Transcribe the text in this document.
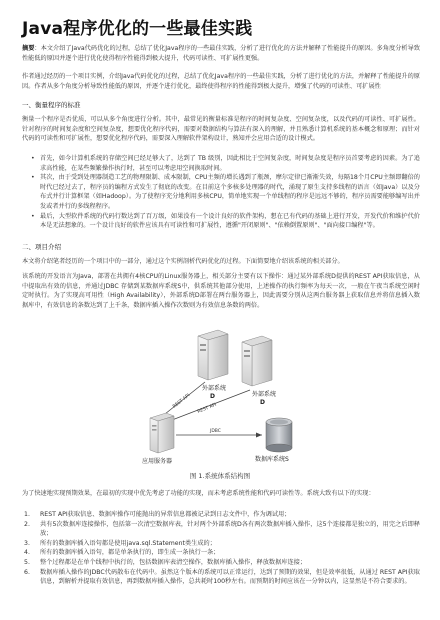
Java程序优化的一些最佳实践
摘要：本文介绍了Java代码优化的过程，总结了优化Java程序的一些最佳实践，分析了进行优化的方法并解释了性能提升的原因。多角度分析导致性能低的原因并逐个进行优化使得程序性能得到极大提升，代码可读性、可扩展性更强。
作者通过经历的一个项目实例，介绍Java代码优化的过程，总结了优化Java程序的一些最佳实践，分析了进行优化的方法，并解释了性能提升的原因。作者从多个角度分析导致性能低的原因，并逐个进行优化，最终使得程序的性能得到极大提升，增强了代码的可读性、可扩展性
一、衡量程序的标准
衡量一个程序是否优质，可以从多个角度进行分析。其中，最常见的衡量标准是程序的时间复杂度、空间复杂度，以及代码的可读性、可扩展性。针对程序的时间复杂度和空间复杂度，想要优化程序代码，需要对数据结构与算法有深入的理解，并且熟悉计算机系统的基本概念和原理；而针对代码的可读性和可扩展性，想要优化程序代码，需要深入理解软件架构设计，熟知并会应用合适的设计模式。
• 首先，如今计算机系统的存储空间已经足够大了，达到了 TB 级别，因此相比于空间复杂度，时间复杂度是程序员首要考虑的因素。为了追求高性能，在某些频繁操作执行时，甚至可以考虑用空间换取时间。
• 其次，由于受到处理器制造工艺的物理限制、成本限制，CPU主频的增长遇到了瓶颈，摩尔定律已渐渐失效，每隔18个月CPU主频即翻倍的时代已经过去了，程序员的编程方式发生了彻底的改变。在目前这个多核多处理器的时代，涌现了原生支持多线程的语言（如Java）以及分布式并行计算框架（如Hadoop）。为了使程序充分地利用多核CPU，简单地实现一个单线程的程序是远远不够的，程序员需要能够编写出并发或者并行的多线程程序。
• 最后，大型软件系统的代码行数达到了百万级，如果没有一个设计良好的软件架构，想在已有代码的基础上进行开发，开发代价和维护代价本是无法想象的。一个设计良好的软件应该具有可读性和可扩展性，遵循"开闭原则"、"依赖倒置原则"、"面向接口编程"等。
二、项目介绍
本文将介绍笔者经历的一个项目中的一部分，通过这个实例剖析代码优化的过程。下面简要地介绍该系统的相关部分。
该系统的开发语言为Java，部署在共拥有4核CPU的Linux服务器上，相关部分主要有以下操作：通过某外部系统D提供的REST API获取信息，从中提取出有效的信息，并通过JDBC 存储到某数据库系统S中，供系统其他部分使用，上述操作的执行频率为每天一次，一般在午夜当系统空闲时定时执行。为了实现高可用性（High Availability），外部系统D部署在两台服务器上，因此需要分别从这两台服务器上获取信息并将信息插入数据库中，有效信息的条数达到了上千条，数据库插入操作次数则为有效信息条数的两倍。
外部系统
D	外部系统
D
REST API REST API
JDBC
应用服务器	数据库系统S
图 1.系统体系结构图
为了快速地实现预期效果，在最初的实现中优先考虑了功能的实现，而未考虑系统性能和代码可读性等。系统大致有以下的实现：
REST API获取信息、数据库操作可能抛出的异常信息都被记录到日志文件中，作为调试用；
共有5次数据库连接操作，包括第一次清空数据库表，针对两个外部系统D各有两次数据库插入操作，这5个连接都是独立的，用完之后即释放；
所有的数据库插入语句都是使用java.sql.Statement类生成的；
所有的数据库插入语句，都是单条执行的，即生成一条执行一条；
整个过程都是在单个线程中执行的，包括数据库表清空操作，数据库插入操作，释放数据库连接；
数据库插入操作的JDBC代码散布在代码中。虽然这个版本的系统可以正常运行，达到了预期的效果，但是效率很低，从通过 REST API获取信息，到解析并提取有效信息，再到数据库插入操作，总共耗时100秒左右。而预期的时间应该在一分钟以内，这显然是不符合要求的。
